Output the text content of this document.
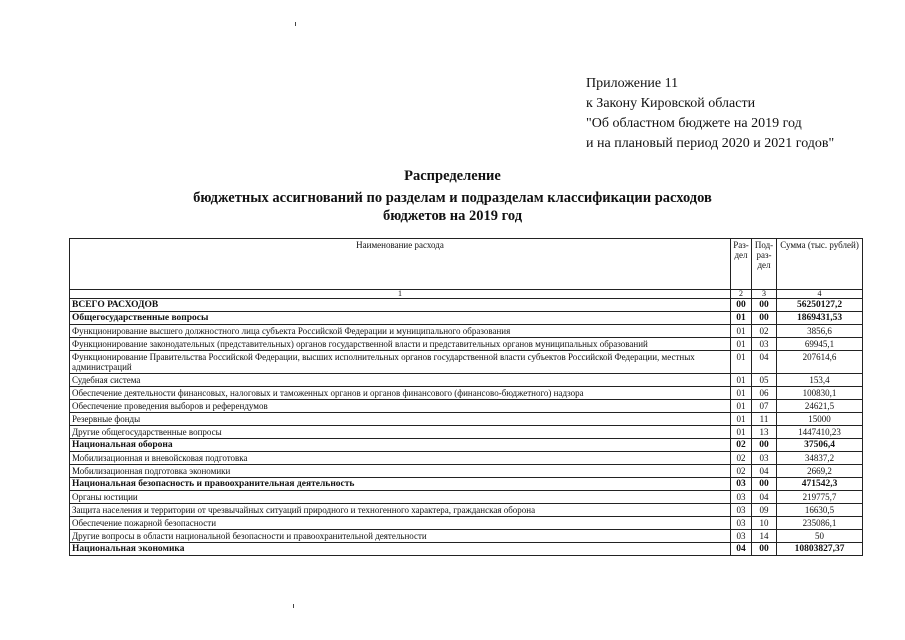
Приложение 11
к Закону Кировской области
"Об областном бюджете на 2019 год
и на плановый период 2020 и 2021 годов"
Распределение
бюджетных ассигнований по разделам и подразделам классификации расходов
бюджетов на 2019 год
Наименование расхода	Раз-дел	Под-раз-дел	Сумма (тыс. рублей)
1	2	3	4
ВСЕГО РАСХОДОВ	00	00	56250127,2
Общегосударственные вопросы	01	00	1869431,53
Функционирование высшего должностного лица субъекта Российской Федерации и муниципального образования	01	02	3856,6
Функционирование законодательных (представительных) органов государственной власти и представительных органов муниципальных образований	01	03	69945,1
Функционирование Правительства Российской Федерации, высших исполнительных органов государственной власти субъектов Российской Федерации, местных администраций	01	04	207614,6
Судебная система	01	05	153,4
Обеспечение деятельности финансовых, налоговых и таможенных органов и органов финансового (финансово-бюджетного) надзора	01	06	100830,1
Обеспечение проведения выборов и референдумов	01	07	24621,5
Резервные фонды	01	11	15000
Другие общегосударственные вопросы	01	13	1447410,23
Национальная оборона	02	00	37506,4
Мобилизационная и вневойсковая подготовка	02	03	34837,2
Мобилизационная подготовка экономики	02	04	2669,2
Национальная безопасность и правоохранительная деятельность	03	00	471542,3
Органы юстиции	03	04	219775,7
Защита населения и территории от чрезвычайных ситуаций природного и техногенного характера, гражданская оборона	03	09	16630,5
Обеспечение пожарной безопасности	03	10	235086,1
Другие вопросы в области национальной безопасности и правоохранительной деятельности	03	14	50
Национальная экономика	04	00	10803827,37
